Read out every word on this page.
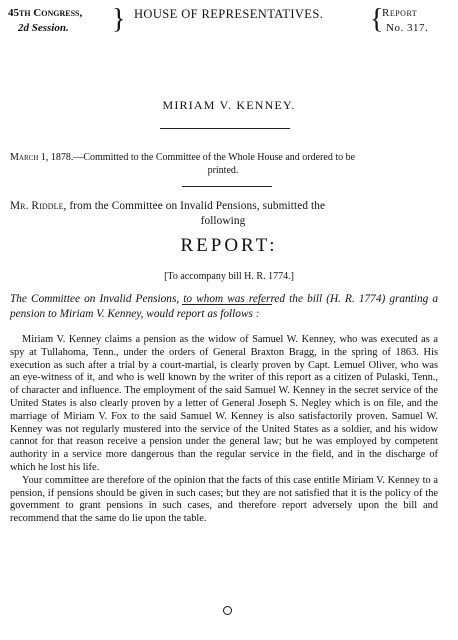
45th Congress,
2d Session.	} HOUSE OF REPRESENTATIVES. {
Report
No. 317.
MIRIAM V. KENNEY.
March 1, 1878.—Committed to the Committee of the Whole House and ordered to be
printed.
Mr. Riddle, from the Committee on Invalid Pensions, submitted the
following
REPORT:
[To accompany bill H. R. 1774.]
The Committee on Invalid Pensions, to whom was referred the bill (H. R. 1774) granting a pension to Miriam V. Kenney, would report as follows :

Miriam V. Kenney claims a pension as the widow of Samuel W. Kenney, who was executed as a spy at Tullahoma, Tenn., under the orders of General Braxton Bragg, in the spring of 1863. His execution as such after a trial by a court-martial, is clearly proven by Capt. Lemuel Oliver, who was an eye-witness of it, and who is well known by the writer of this report as a citizen of Pulaski, Tenn., of character and influence. The employment of the said Samuel W. Kenney in the secret service of the United States is also clearly proven by a letter of General Joseph S. Negley which is on file, and the marriage of Miriam V. Fox to the said Samuel W. Kenney is also satisfactorily proven. Samuel W. Kenney was not regularly mustered into the service of the United States as a soldier, and his widow cannot for that reason receive a pension under the general law; but he was employed by competent authority in a service more dangerous than the regular service in the field, and in the discharge of which he lost his life.

Your committee are therefore of the opinion that the facts of this case entitle Miriam V. Kenney to a pension, if pensions should be given in such cases; but they are not satisfied that it is the policy of the government to grant pensions in such cases, and therefore report adversely upon the bill and recommend that the same do lie upon the table.
